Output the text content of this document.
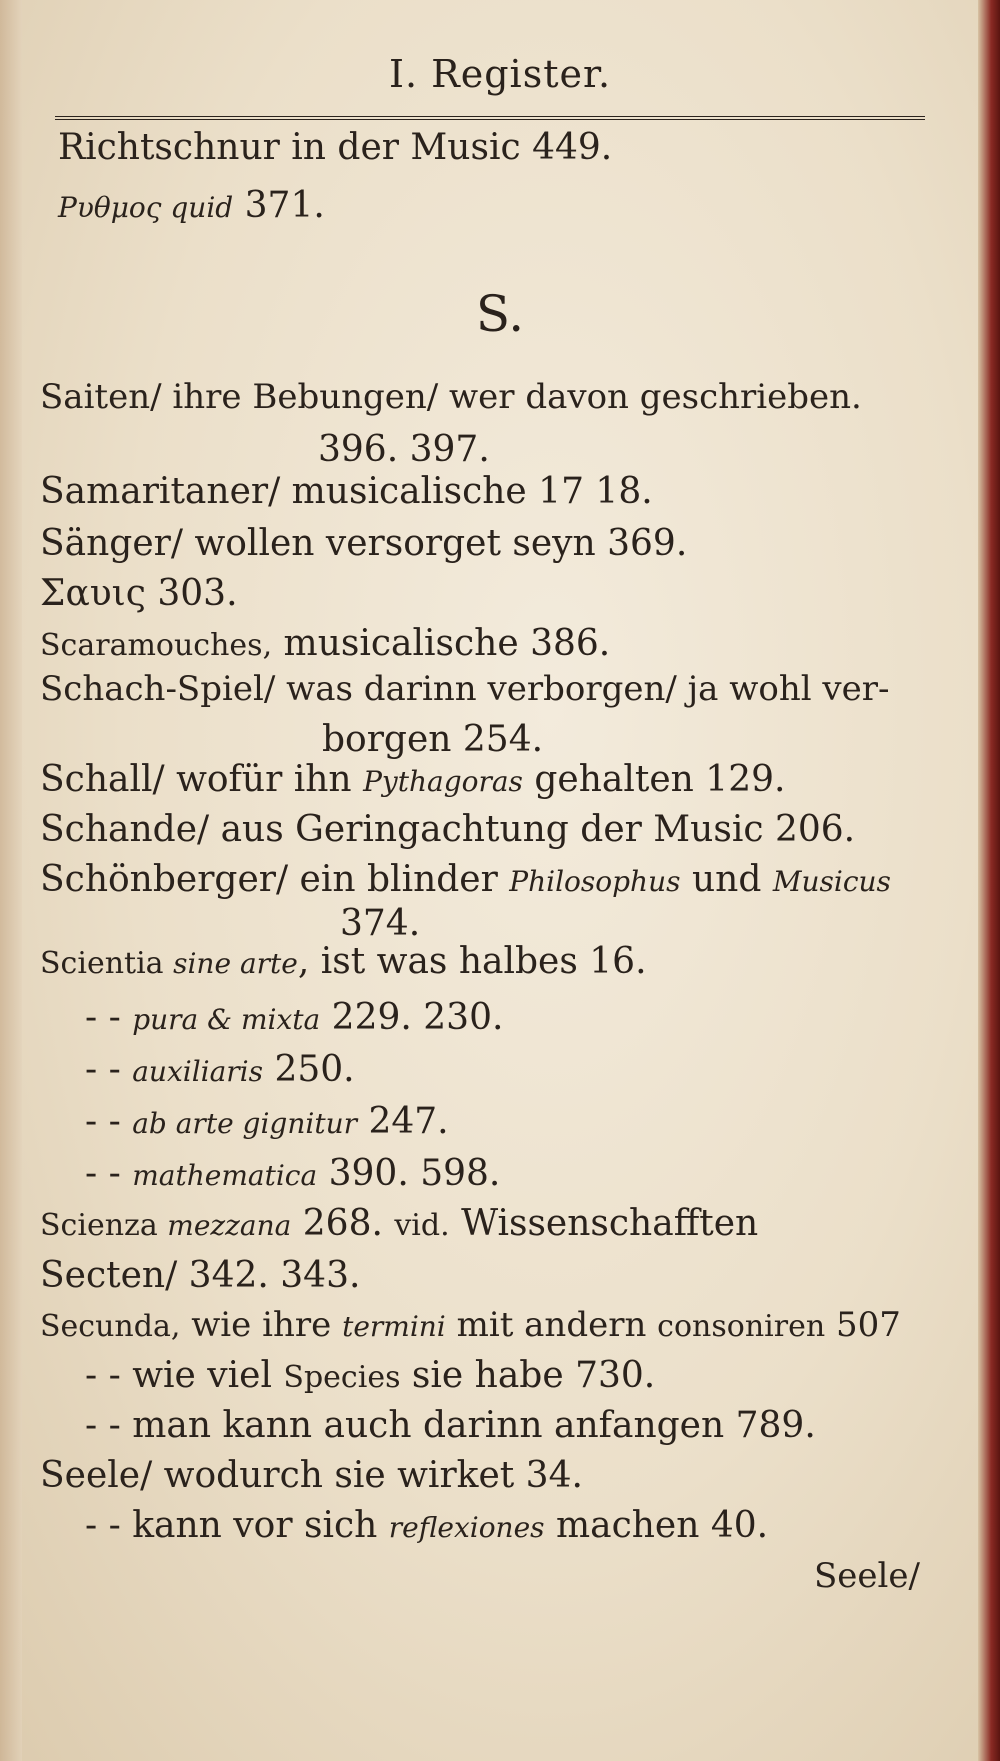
I. Register.
S.
Richtschnur in der Music 449.
Ρυθμος quid 371.
Saiten/ ihre Bebungen/ wer davon geschrieben.
396. 397.
Samaritaner/ musicalische 17 18.
Sänger/ wollen versorget seyn 369.
Σαυις 303.
Scaramouches, musicalische 386.
Schach-Spiel/ was darinn verborgen/ ja wohl ver-
borgen 254.
Schall/ wofür ihn Pythagoras gehalten 129.
Schande/ aus Geringachtung der Music 206.
Schönberger/ ein blinder Philosophus und Musicus
374.
Scientia sine arte, ist was halbes 16.
- - pura & mixta 229. 230.
- - auxiliaris 250.
- - ab arte gignitur 247.
- - mathematica 390. 598.
Scienza mezzana 268. vid. Wissenschafften
Secten/ 342. 343.
Secunda, wie ihre termini mit andern consoniren 507
- - wie viel Species sie habe 730.
- - man kann auch darinn anfangen 789.
Seele/ wodurch sie wirket 34.
- - kann vor sich reflexiones machen 40.
Seele/
